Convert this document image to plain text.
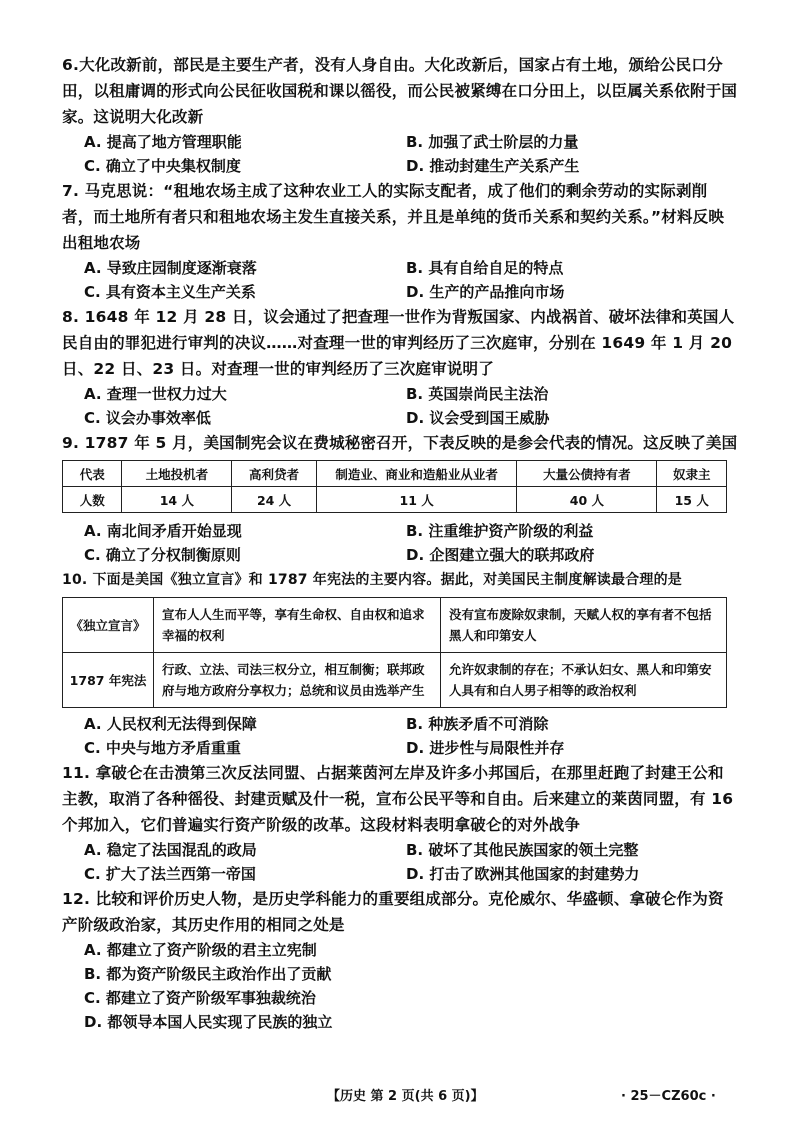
6.大化改新前，部民是主要生产者，没有人身自由。大化改新后，国家占有土地，颁给公民口分田，以租庸调的形式向公民征收国税和课以徭役，而公民被紧缚在口分田上，以臣属关系依附于国家。这说明大化改新

A. 提高了地方管理职能	B. 加强了武士阶层的力量
C. 确立了中央集权制度	D. 推动封建生产关系产生

7. 马克思说：“租地农场主成了这种农业工人的实际支配者，成了他们的剩余劳动的实际剥削者，而土地所有者只和租地农场主发生直接关系，并且是单纯的货币关系和契约关系。”材料反映出租地农场

A. 导致庄园制度逐渐衰落	B. 具有自给自足的特点
C. 具有资本主义生产关系	D. 生产的产品推向市场

8. 1648 年 12 月 28 日，议会通过了把查理一世作为背叛国家、内战祸首、破坏法律和英国人民自由的罪犯进行审判的决议……对查理一世的审判经历了三次庭审，分别在 1649 年 1 月 20 日、22 日、23 日。对查理一世的审判经历了三次庭审说明了

A. 查理一世权力过大	B. 英国崇尚民主法治
C. 议会办事效率低	D. 议会受到国王威胁

9. 1787 年 5 月，美国制宪会议在费城秘密召开，下表反映的是参会代表的情况。这反映了美国

代表	土地投机者	高利贷者	制造业、商业和造船业从业者	大量公债持有者	奴隶主
人数	14 人	24 人	11 人	40 人	15 人
A. 南北间矛盾开始显现	B. 注重维护资产阶级的利益
C. 确立了分权制衡原则	D. 企图建立强大的联邦政府

10. 下面是美国《独立宣言》和 1787 年宪法的主要内容。据此，对美国民主制度解读最合理的是

《独立宣言》	宣布人人生而平等，享有生命权、自由权和追求幸福的权利	没有宣布废除奴隶制，天赋人权的享有者不包括黑人和印第安人
1787 年宪法	行政、立法、司法三权分立，相互制衡；联邦政府与地方政府分享权力；总统和议员由选举产生	允许奴隶制的存在；不承认妇女、黑人和印第安人具有和白人男子相等的政治权利
A. 人民权利无法得到保障	B. 种族矛盾不可消除
C. 中央与地方矛盾重重	D. 进步性与局限性并存

11. 拿破仑在击溃第三次反法同盟、占据莱茵河左岸及许多小邦国后，在那里赶跑了封建王公和主教，取消了各种徭役、封建贡赋及什一税，宣布公民平等和自由。后来建立的莱茵同盟，有 16 个邦加入，它们普遍实行资产阶级的改革。这段材料表明拿破仑的对外战争

A. 稳定了法国混乱的政局	B. 破坏了其他民族国家的领土完整
C. 扩大了法兰西第一帝国	D. 打击了欧洲其他国家的封建势力

12. 比较和评价历史人物，是历史学科能力的重要组成部分。克伦威尔、华盛顿、拿破仑作为资产阶级政治家，其历史作用的相同之处是

A. 都建立了资产阶级的君主立宪制
B. 都为资产阶级民主政治作出了贡献
C. 都建立了资产阶级军事独裁统治
D. 都领导本国人民实现了民族的独立
【历史 第 2 页(共 6 页)】	· 25－CZ60c ·
